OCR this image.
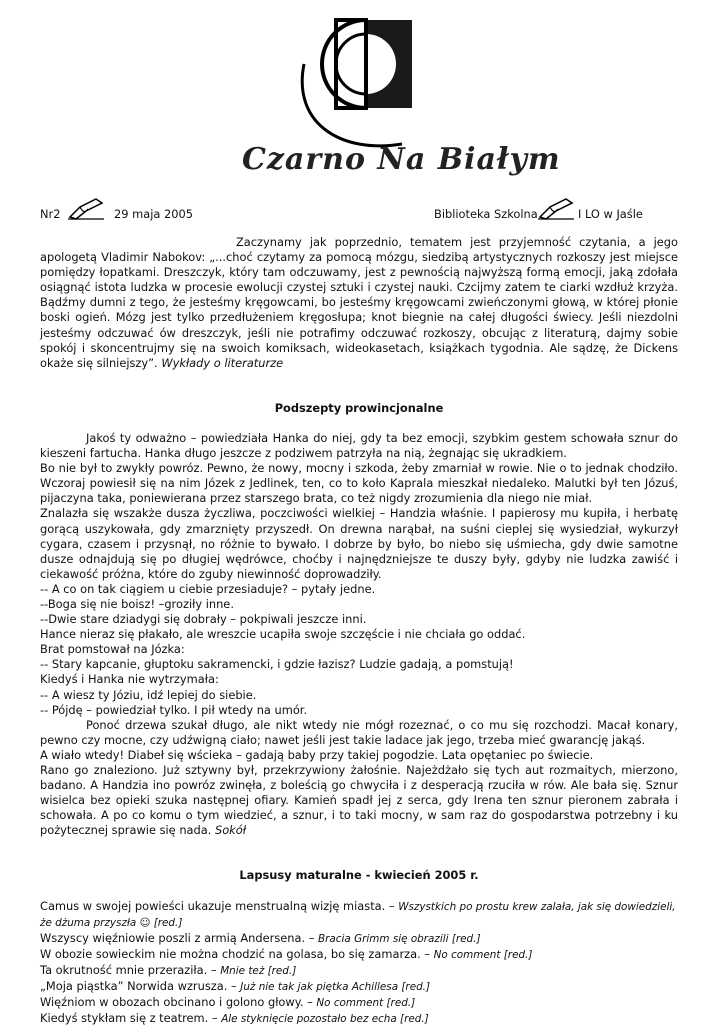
Czarno Na Białym
Nr2	29 maja 2005	Biblioteka Szkolna	I LO w Jaśle

Zaczynamy jak poprzednio, tematem jest przyjemność czytania, a jego apologetą Vladimir Nabokov: „...choć czytamy za pomocą mózgu, siedzibą artystycznych rozkoszy jest miejsce pomiędzy łopatkami. Dreszczyk, który tam odczuwamy, jest z pewnością najwyższą formą emocji, jaką zdołała osiągnąć istota ludzka w procesie ewolucji czystej sztuki i czystej nauki. Czcijmy zatem te ciarki wzdłuż krzyża. Bądźmy dumni z tego, że jesteśmy kręgowcami, bo jesteśmy kręgowcami zwieńczonymi głową, w której płonie boski ogień. Mózg jest tylko przedłużeniem kręgosłupa; knot biegnie na całej długości świecy. Jeśli niezdolni jesteśmy odczuwać ów dreszczyk, jeśli nie potrafimy odczuwać rozkoszy, obcując z literaturą, dajmy sobie spokój i skoncentrujmy się na swoich komiksach, wideokasetach, książkach tygodnia. Ale sądzę, że Dickens okaże się silniejszy”. Wykłady o literaturze

Podszepty prowincjonalne

Jakoś ty odważno – powiedziała Hanka do niej, gdy ta bez emocji, szybkim gestem schowała sznur do kieszeni fartucha. Hanka długo jeszcze z podziwem patrzyła na nią, żegnając się ukradkiem.

Bo nie był to zwykły powróz. Pewno, że nowy, mocny i szkoda, żeby zmarniał w rowie. Nie o to jednak chodziło. Wczoraj powiesił się na nim Józek z Jedlinek, ten, co to koło Kaprala mieszkał niedaleko. Malutki był ten Józuś, pijaczyna taka, poniewierana przez starszego brata, co też nigdy zrozumienia dla niego nie miał.

Znalazła się wszakże dusza życzliwa, poczciwości wielkiej – Handzia właśnie. I papierosy mu kupiła, i herbatę gorącą uszykowała, gdy zmarznięty przyszedł. On drewna narąbał, na suśni cieplej się wysiedział, wykurzył cygara, czasem i przysnął, no różnie to bywało. I dobrze by było, bo niebo się uśmiecha, gdy dwie samotne dusze odnajdują się po długiej wędrówce, choćby i najnędzniejsze te duszy były, gdyby nie ludzka zawiść i ciekawość próżna, które do zguby niewinność doprowadziły.

-- A co on tak ciągiem u ciebie przesiaduje? – pytały jedne.

--Boga się nie boisz! –groziły inne.

--Dwie stare dziadygi się dobrały – pokpiwali jeszcze inni.

Hance nieraz się płakało, ale wreszcie ucapiła swoje szczęście i nie chciała go oddać.

Brat pomstował na Józka:

-- Stary kapcanie, głuptoku sakramencki, i gdzie łazisz? Ludzie gadają, a pomstują!

Kiedyś i Hanka nie wytrzymała:

-- A wiesz ty Józiu, idź lepiej do siebie.

-- Pójdę – powiedział tylko. I pił wtedy na umór.

Ponoć drzewa szukał długo, ale nikt wtedy nie mógł rozeznać, o co mu się rozchodzi. Macał konary, pewno czy mocne, czy udźwigną ciało; nawet jeśli jest takie ladace jak jego, trzeba mieć gwarancję jakąś.

A wiało wtedy! Diabeł się wścieka – gadają baby przy takiej pogodzie. Lata opętaniec po świecie.

Rano go znaleziono. Już sztywny był, przekrzywiony żałośnie. Najeżdżało się tych aut rozmaitych, mierzono, badano. A Handzia ino powróz zwinęła, z boleścią go chwyciła i z desperacją rzuciła w rów. Ale bała się. Sznur wisielca bez opieki szuka następnej ofiary. Kamień spadł jej z serca, gdy Irena ten sznur pieronem zabrała i schowała. A po co komu o tym wiedzieć, a sznur, i to taki mocny, w sam raz do gospodarstwa potrzebny i ku pożytecznej sprawie się nada. Sokół

Lapsusy maturalne - kwiecień 2005 r.

Camus w swojej powieści ukazuje menstrualną wizję miasta. – Wszystkich po prostu krew zalała, jak się dowiedzieli, że dżuma przyszła ☺ [red.]

Wszyscy więźniowie poszli z armią Andersena. – Bracia Grimm się obrazili [red.]

W obozie sowieckim nie można chodzić na golasa, bo się zamarza. – No comment [red.]

Ta okrutność mnie przeraziła. – Mnie też [red.]

„Moja piąstka” Norwida wzrusza. – Już nie tak jak piętka Achillesa [red.]

Więźniom w obozach obcinano i golono głowy. – No comment [red.]

Kiedyś stykłam się z teatrem. – Ale styknięcie pozostało bez echa [red.]
